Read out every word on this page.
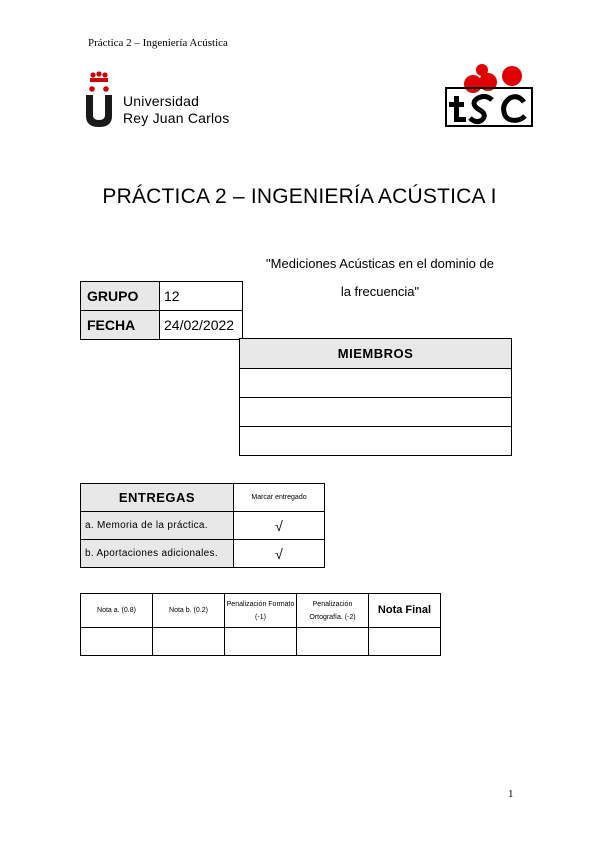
Práctica 2 – Ingeniería Acústica
Universidad
Rey Juan Carlos
PRÁCTICA 2 – INGENIERÍA ACÚSTICA I
"Mediciones Acústicas en el dominio de
la frecuencia"
GRUPO	12
FECHA	24/02/2022
MIEMBROS

ENTREGAS	Marcar entregado
a. Memoria de la práctica.	√
b. Aportaciones adicionales.	√
Nota a. (0.8)	Nota b. (0.2)	Penalización Formato (-1)	Penalización Ortografía. (-2)	Nota Final

1
